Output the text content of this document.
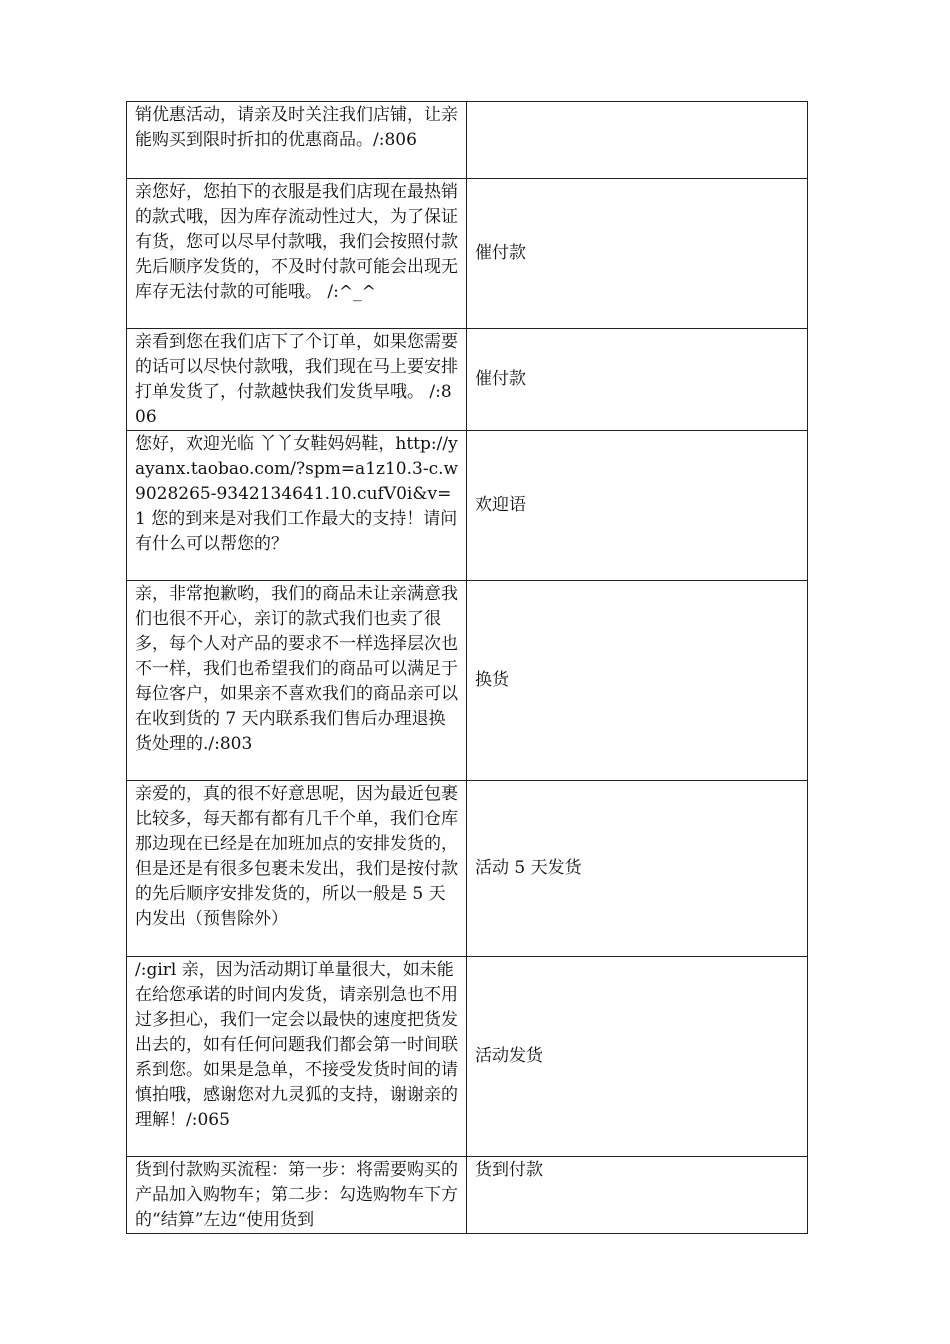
销优惠活动，请亲及时关注我们店铺，让亲能购买到限时折扣的优惠商品。/:806	
亲您好，您拍下的衣服是我们店现在最热销的款式哦，因为库存流动性过大，为了保证有货，您可以尽早付款哦，我们会按照付款先后顺序发货的，不及时付款可能会出现无库存无法付款的可能哦。 /:^_^	催付款
亲看到您在我们店下了个订单，如果您需要的话可以尽快付款哦，我们现在马上要安排打单发货了，付款越快我们发货早哦。 /:806	催付款
您好，欢迎光临 丫丫女鞋妈妈鞋，http://yayanx.taobao.com/?spm=a1z10.3-c.w9028265-9342134641.10.cufV0i&v=1 您的到来是对我们工作最大的支持！请问有什么可以帮您的？	欢迎语
亲，非常抱歉哟，我们的商品未让亲满意我们也很不开心，亲订的款式我们也卖了很多，每个人对产品的要求不一样选择层次也不一样，我们也希望我们的商品可以满足于每位客户，如果亲不喜欢我们的商品亲可以在收到货的 7 天内联系我们售后办理退换货处理的./:803	换货
亲爱的，真的很不好意思呢，因为最近包裹比较多，每天都有都有几千个单，我们仓库那边现在已经是在加班加点的安排发货的，但是还是有很多包裹未发出，我们是按付款的先后顺序安排发货的，所以一般是 5 天内发出（预售除外）	活动 5 天发货
/:girl 亲，因为活动期订单量很大，如未能在给您承诺的时间内发货，请亲别急也不用过多担心，我们一定会以最快的速度把货发出去的，如有任何问题我们都会第一时间联系到您。如果是急单，不接受发货时间的请慎拍哦，感谢您对九灵狐的支持，谢谢亲的理解！/:065	活动发货
货到付款购买流程：第一步：将需要购买的产品加入购物车；第二步：勾选购物车下方的“结算”左边“使用货到	货到付款
